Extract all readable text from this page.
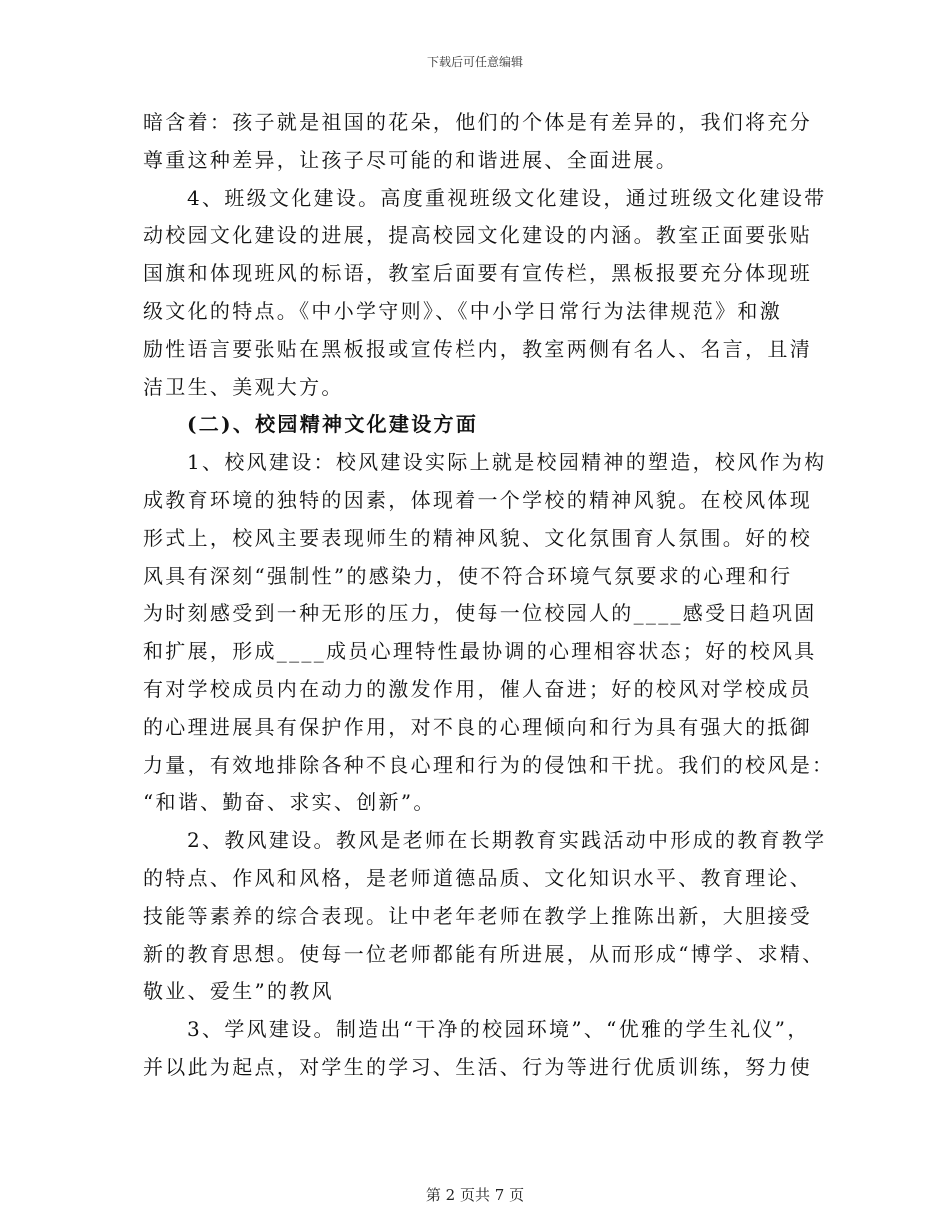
下载后可任意编辑
暗含着：孩子就是祖国的花朵，他们的个体是有差异的，我们将充分
尊重这种差异，让孩子尽可能的和谐进展、全面进展。
4、班级文化建设。高度重视班级文化建设，通过班级文化建设带
动校园文化建设的进展，提高校园文化建设的内涵。教室正面要张贴
国旗和体现班风的标语，教室后面要有宣传栏，黑板报要充分体现班
级文化的特点。《中小学守则》、《中小学日常行为法律规范》和激
励性语言要张贴在黑板报或宣传栏内，教室两侧有名人、名言，且清
洁卫生、美观大方。
(二)、校园精神文化建设方面
1、校风建设：校风建设实际上就是校园精神的塑造，校风作为构
成教育环境的独特的因素，体现着一个学校的精神风貌。在校风体现
形式上，校风主要表现师生的精神风貌、文化氛围育人氛围。好的校
风具有深刻“强制性”的感染力，使不符合环境气氛要求的心理和行
为时刻感受到一种无形的压力，使每一位校园人的____感受日趋巩固
和扩展，形成____成员心理特性最协调的心理相容状态；好的校风具
有对学校成员内在动力的激发作用，催人奋进；好的校风对学校成员
的心理进展具有保护作用，对不良的心理倾向和行为具有强大的抵御
力量，有效地排除各种不良心理和行为的侵蚀和干扰。我们的校风是：
“和谐、勤奋、求实、创新”。
2、教风建设。教风是老师在长期教育实践活动中形成的教育教学
的特点、作风和风格，是老师道德品质、文化知识水平、教育理论、
技能等素养的综合表现。让中老年老师在教学上推陈出新，大胆接受
新的教育思想。使每一位老师都能有所进展，从而形成“博学、求精、
敬业、爱生”的教风
3、学风建设。制造出“干净的校园环境”、“优雅的学生礼仪”，
并以此为起点，对学生的学习、生活、行为等进行优质训练，努力使
第 2 页共 7 页
